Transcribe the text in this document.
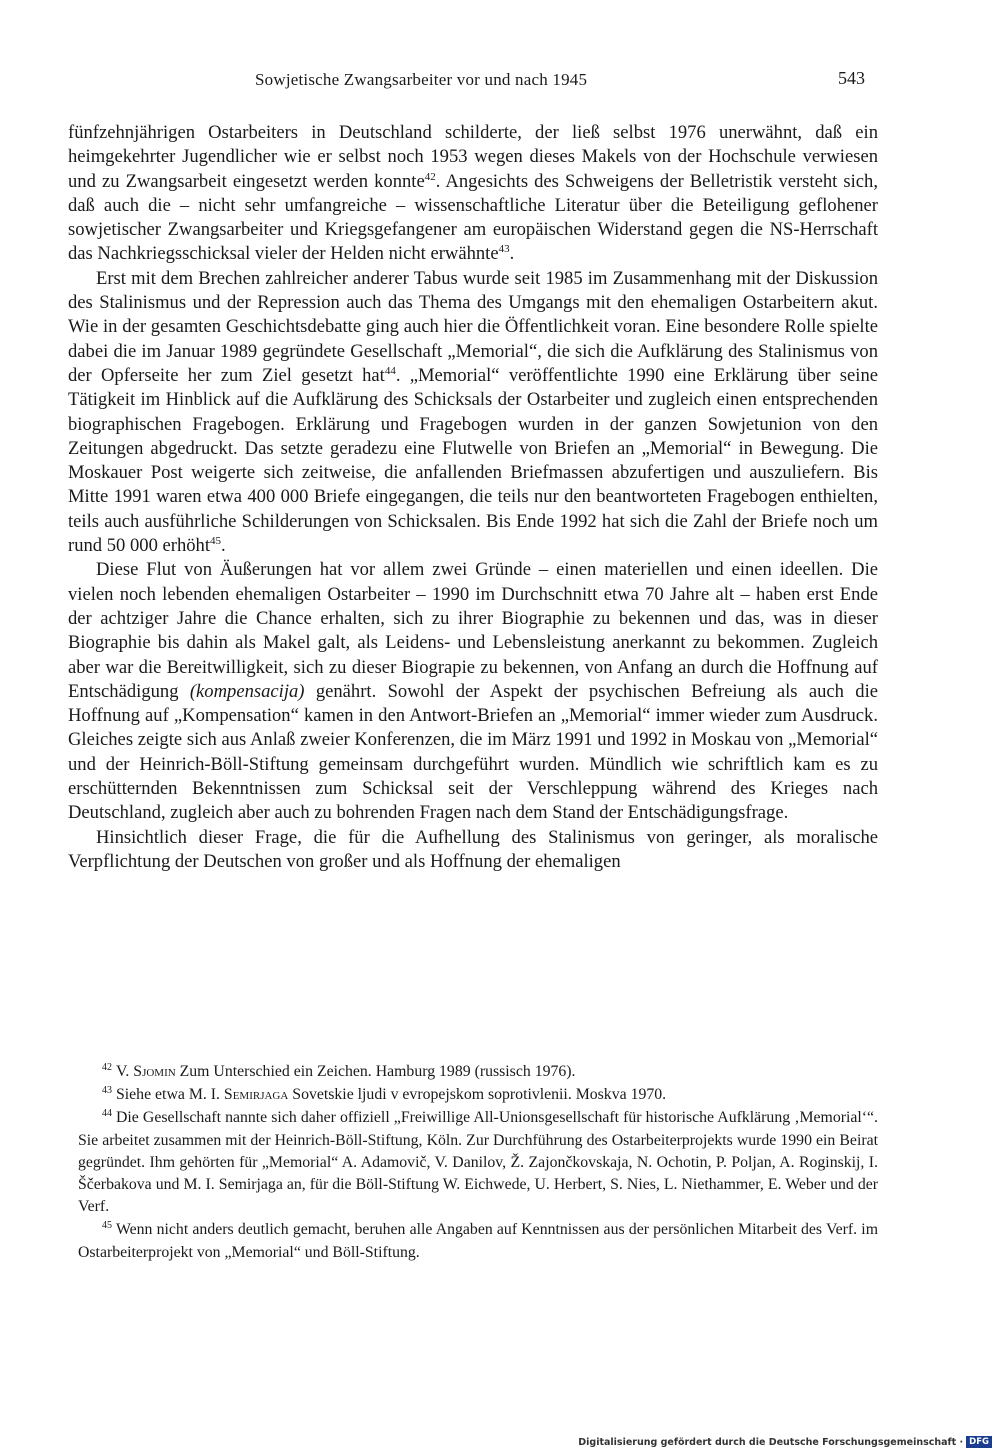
Sowjetische Zwangsarbeiter vor und nach 1945	543

fünfzehnjährigen Ostarbeiters in Deutschland schilderte, der ließ selbst 1976 unerwähnt, daß ein heimgekehrter Jugendlicher wie er selbst noch 1953 wegen dieses Makels von der Hochschule verwiesen und zu Zwangsarbeit eingesetzt werden konnte$^{42}$. Angesichts des Schweigens der Belletristik versteht sich, daß auch die – nicht sehr umfangreiche – wissenschaftliche Literatur über die Beteiligung geflohener sowjetischer Zwangsarbeiter und Kriegsgefangener am europäischen Widerstand gegen die NS-Herrschaft das Nachkriegsschicksal vieler der Helden nicht erwähnte$^{43}$.

Erst mit dem Brechen zahlreicher anderer Tabus wurde seit 1985 im Zusammenhang mit der Diskussion des Stalinismus und der Repression auch das Thema des Umgangs mit den ehemaligen Ostarbeitern akut. Wie in der gesamten Geschichtsdebatte ging auch hier die Öffentlichkeit voran. Eine besondere Rolle spielte dabei die im Januar 1989 gegründete Gesellschaft „Memorial“, die sich die Aufklärung des Stalinismus von der Opferseite her zum Ziel gesetzt hat$^{44}$. „Memorial“ veröffentlichte 1990 eine Erklärung über seine Tätigkeit im Hinblick auf die Aufklärung des Schicksals der Ostarbeiter und zugleich einen entsprechenden biographischen Fragebogen. Erklärung und Fragebogen wurden in der ganzen Sowjetunion von den Zeitungen abgedruckt. Das setzte geradezu eine Flutwelle von Briefen an „Memorial“ in Bewegung. Die Moskauer Post weigerte sich zeitweise, die anfallenden Briefmassen abzufertigen und auszuliefern. Bis Mitte 1991 waren etwa 400 000 Briefe eingegangen, die teils nur den beantworteten Fragebogen enthielten, teils auch ausführliche Schilderungen von Schicksalen. Bis Ende 1992 hat sich die Zahl der Briefe noch um rund 50 000 erhöht$^{45}$.

Diese Flut von Äußerungen hat vor allem zwei Gründe – einen materiellen und einen ideellen. Die vielen noch lebenden ehemaligen Ostarbeiter – 1990 im Durchschnitt etwa 70 Jahre alt – haben erst Ende der achtziger Jahre die Chance erhalten, sich zu ihrer Biographie zu bekennen und das, was in dieser Biographie bis dahin als Makel galt, als Leidens- und Lebensleistung anerkannt zu bekommen. Zugleich aber war die Bereitwilligkeit, sich zu dieser Biograpie zu bekennen, von Anfang an durch die Hoffnung auf Entschädigung (kompensacija) genährt. Sowohl der Aspekt der psychischen Befreiung als auch die Hoffnung auf „Kompensation“ kamen in den Antwort-Briefen an „Memorial“ immer wieder zum Ausdruck. Gleiches zeigte sich aus Anlaß zweier Konferenzen, die im März 1991 und 1992 in Moskau von „Memorial“ und der Heinrich-Böll-Stiftung gemeinsam durchgeführt wurden. Mündlich wie schriftlich kam es zu erschütternden Bekenntnissen zum Schicksal seit der Verschleppung während des Krieges nach Deutschland, zugleich aber auch zu bohrenden Fragen nach dem Stand der Entschädigungsfrage.

Hinsichtlich dieser Frage, die für die Aufhellung des Stalinismus von geringer, als moralische Verpflichtung der Deutschen von großer und als Hoffnung der ehemaligen

$^{42}$ V. Sjomin Zum Unterschied ein Zeichen. Hamburg 1989 (russisch 1976).

$^{43}$ Siehe etwa M. I. Semirjaga Sovetskie ljudi v evropejskom soprotivlenii. Moskva 1970.

$^{44}$ Die Gesellschaft nannte sich daher offiziell „Freiwillige All-Unionsgesellschaft für historische Aufklärung ‚Memorial‘“. Sie arbeitet zusammen mit der Heinrich-Böll-Stiftung, Köln. Zur Durchführung des Ostarbeiterprojekts wurde 1990 ein Beirat gegründet. Ihm gehörten für „Memorial“ A. Adamovič, V. Danilov, Ž. Zajončkovskaja, N. Ochotin, P. Poljan, A. Roginskij, I. Ščerbakova und M. I. Semirjaga an, für die Böll-Stiftung W. Eichwede, U. Herbert, S. Nies, L. Niethammer, E. Weber und der Verf.

$^{45}$ Wenn nicht anders deutlich gemacht, beruhen alle Angaben auf Kenntnissen aus der persönlichen Mitarbeit des Verf. im Ostarbeiterprojekt von „Memorial“ und Böll-Stiftung.

Digitalisierung gefördert durch die Deutsche Forschungsgemeinschaft · DFG
